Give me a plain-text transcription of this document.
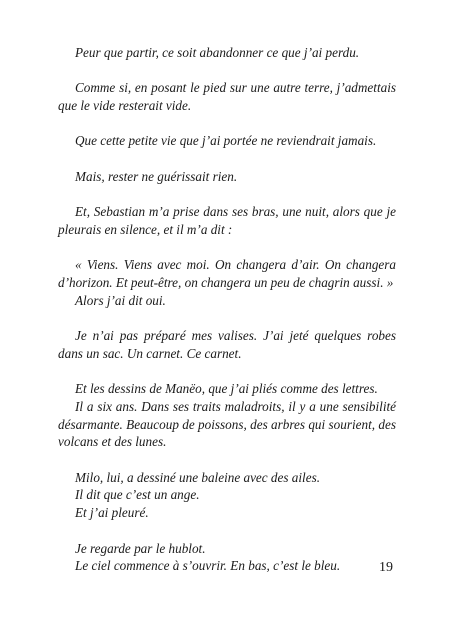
Peur que partir, ce soit abandonner ce que j’ai perdu.

Comme si, en posant le pied sur une autre terre, j’admettais que le vide resterait vide.

Que cette petite vie que j’ai portée ne reviendrait jamais.

Mais, rester ne guérissait rien.

Et, Sebastian m’a prise dans ses bras, une nuit, alors que je pleurais en silence, et il m’a dit :

« Viens. Viens avec moi. On changera d’air. On changera d’horizon. Et peut-être, on changera un peu de chagrin aussi. »

Alors j’ai dit oui.

Je n’ai pas préparé mes valises. J’ai jeté quelques robes dans un sac. Un carnet. Ce carnet.

Et les dessins de Manëo, que j’ai pliés comme des lettres.

Il a six ans. Dans ses traits maladroits, il y a une sensibilité désarmante. Beaucoup de poissons, des arbres qui sourient, des volcans et des lunes.

Milo, lui, a dessiné une baleine avec des ailes.

Il dit que c’est un ange.

Et j’ai pleuré.

Je regarde par le hublot.

Le ciel commence à s’ouvrir. En bas, c’est le bleu.	19
